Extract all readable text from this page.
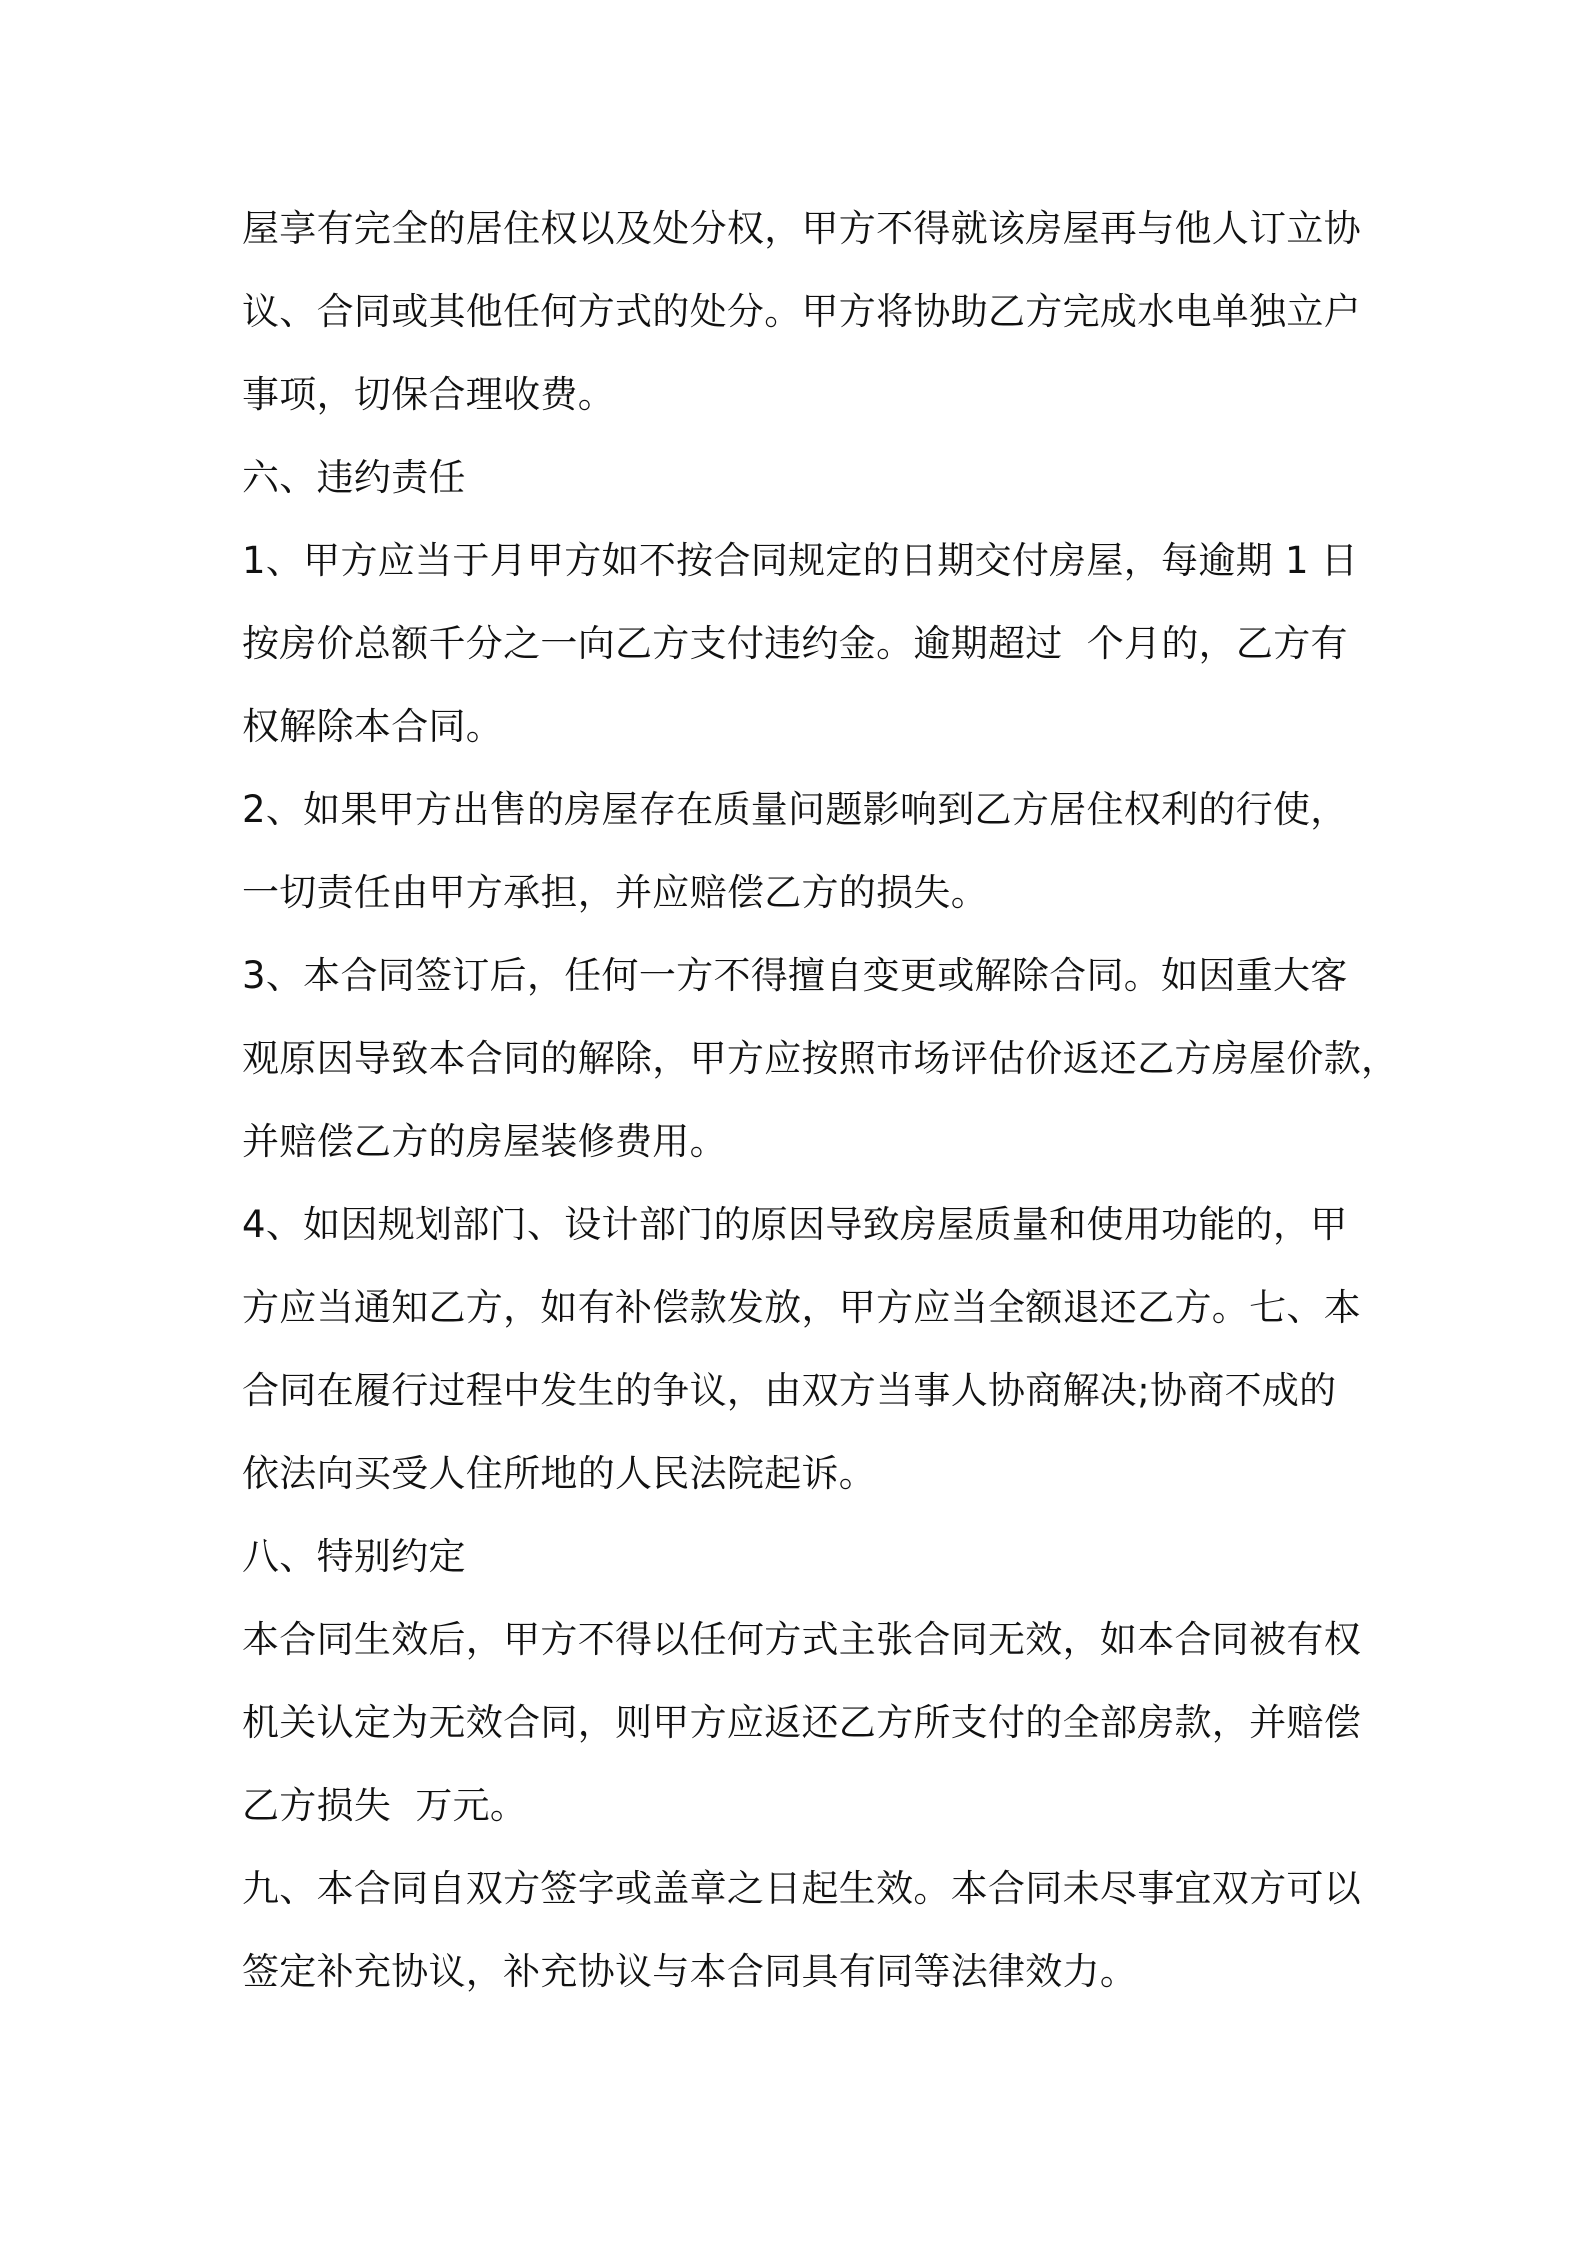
屋享有完全的居住权以及处分权，甲方不得就该房屋再与他人订立协
议、合同或其他任何方式的处分。甲方将协助乙方完成水电单独立户
事项，切保合理收费。
六、违约责任
1、甲方应当于月甲方如不按合同规定的日期交付房屋，每逾期 1 日
按房价总额千分之一向乙方支付违约金。逾期超过  个月的，乙方有
权解除本合同。
2、如果甲方出售的房屋存在质量问题影响到乙方居住权利的行使，
一切责任由甲方承担，并应赔偿乙方的损失。
3、本合同签订后，任何一方不得擅自变更或解除合同。如因重大客
观原因导致本合同的解除，甲方应按照市场评估价返还乙方房屋价款，
并赔偿乙方的房屋装修费用。
4、如因规划部门、设计部门的原因导致房屋质量和使用功能的，甲
方应当通知乙方，如有补偿款发放，甲方应当全额退还乙方。七、本
合同在履行过程中发生的争议，由双方当事人协商解决;协商不成的
依法向买受人住所地的人民法院起诉。
八、特别约定
本合同生效后，甲方不得以任何方式主张合同无效，如本合同被有权
机关认定为无效合同，则甲方应返还乙方所支付的全部房款，并赔偿
乙方损失  万元。
九、本合同自双方签字或盖章之日起生效。本合同未尽事宜双方可以
签定补充协议，补充协议与本合同具有同等法律效力。
